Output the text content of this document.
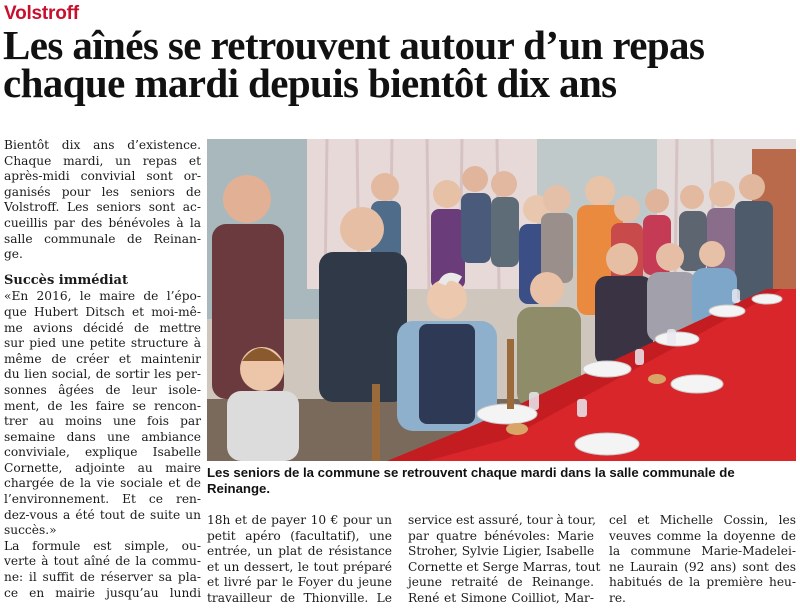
Volstroff
Les aînés se retrouvent autour d’un repas
chaque mardi depuis bientôt dix ans

Bientôt dix ans d’existence.
Chaque mardi, un repas et
après-midi convivial sont or-
ganisés pour les seniors de
Volstroff. Les seniors sont ac-
cueillis par des bénévoles à la
salle communale de Reinan-
ge.

Succès immédiat

«En 2016, le maire de l’épo-
que Hubert Ditsch et moi-mê-
me avions décidé de mettre
sur pied une petite structure à
même de créer et maintenir
du lien social, de sortir les per-
sonnes âgées de leur isole-
ment, de les faire se rencon-
trer au moins une fois par
semaine dans une ambiance
conviviale, explique Isabelle
Cornette, adjointe au maire
chargée de la vie sociale et de
l’environnement. Et ce ren-
dez-vous a été tout de suite un
succès.»

La formule est simple, ou-
verte à tout aîné de la commu-
ne: il suffit de réserver sa pla-
ce en mairie jusqu’au lundi

Les seniors de la commune se retrouvent chaque mardi dans la salle communale de Reinange.

18h et de payer 10 € pour un
petit apéro (facultatif), une
entrée, un plat de résistance
et un dessert, le tout préparé
et livré par le Foyer du jeune
travailleur de Thionville. Le

service est assuré, tour à tour,
par quatre bénévoles: Marie
Stroher, Sylvie Ligier, Isabelle
Cornette et Serge Marras, tout
jeune retraité de Reinange.
René et Simone Coilliot, Mar-

cel et Michelle Cossin, les
veuves comme la doyenne de
la commune Marie-Madelei-
ne Laurain (92 ans) sont des
habitués de la première heu-
re.
